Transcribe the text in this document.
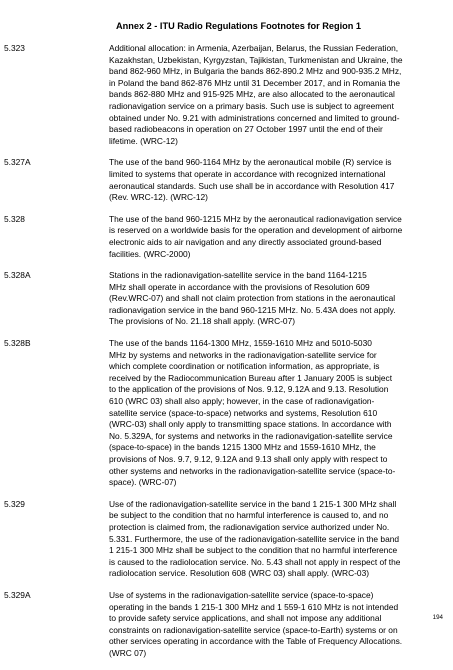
Annex 2 - ITU Radio Regulations Footnotes for Region 1
5.323	Additional allocation: in Armenia, Azerbaijan, Belarus, the Russian Federation,
Kazakhstan, Uzbekistan, Kyrgyzstan, Tajikistan, Turkmenistan and Ukraine, the
band 862-960 MHz, in Bulgaria the bands 862-890.2 MHz and 900-935.2 MHz,
in Poland the band 862-876 MHz until 31 December 2017, and in Romania the
bands 862-880 MHz and 915-925 MHz, are also allocated to the aeronautical
radionavigation service on a primary basis. Such use is subject to agreement
obtained under No. 9.21 with administrations concerned and limited to ground-
based radiobeacons in operation on 27 October 1997 until the end of their
lifetime. (WRC-12)
5.327A	The use of the band 960-1164 MHz by the aeronautical mobile (R) service is
limited to systems that operate in accordance with recognized international
aeronautical standards. Such use shall be in accordance with Resolution 417
(Rev. WRC-12). (WRC-12)
5.328	The use of the band 960-1215 MHz by the aeronautical radionavigation service
is reserved on a worldwide basis for the operation and development of airborne
electronic aids to air navigation and any directly associated ground-based
facilities. (WRC-2000)
5.328A	Stations in the radionavigation-satellite service in the band 1164-1215
MHz shall operate in accordance with the provisions of Resolution 609
(Rev.WRC-07) and shall not claim protection from stations in the aeronautical
radionavigation service in the band 960-1215 MHz. No. 5.43A does not apply.
The provisions of No. 21.18 shall apply. (WRC-07)
5.328B	The use of the bands 1164-1300 MHz, 1559-1610 MHz and 5010-5030
MHz by systems and networks in the radionavigation-satellite service for
which complete coordination or notification information, as appropriate, is
received by the Radiocommunication Bureau after 1 January 2005 is subject
to the application of the provisions of Nos. 9.12, 9.12A and 9.13. Resolution
610 (WRC 03) shall also apply; however, in the case of radionavigation-
satellite service (space-to-space) networks and systems, Resolution 610
(WRC-03) shall only apply to transmitting space stations. In accordance with
No. 5.329A, for systems and networks in the radionavigation-satellite service
(space-to-space) in the bands 1215 1300 MHz and 1559-1610 MHz, the
provisions of Nos. 9.7, 9.12, 9.12A and 9.13 shall only apply with respect to
other systems and networks in the radionavigation-satellite service (space-to-
space). (WRC-07)
5.329	Use of the radionavigation-satellite service in the band 1 215-1 300 MHz shall
be subject to the condition that no harmful interference is caused to, and no
protection is claimed from, the radionavigation service authorized under No.
5.331. Furthermore, the use of the radionavigation-satellite service in the band
1 215-1 300 MHz shall be subject to the condition that no harmful interference
is caused to the radiolocation service. No. 5.43 shall not apply in respect of the
radiolocation service. Resolution 608 (WRC 03) shall apply. (WRC-03)
5.329A	Use of systems in the radionavigation-satellite service (space-to-space)
operating in the bands 1 215-1 300 MHz and 1 559-1 610 MHz is not intended
to provide safety service applications, and shall not impose any additional
constraints on radionavigation-satellite service (space-to-Earth) systems or on
other services operating in accordance with the Table of Frequency Allocations.
(WRC 07)
194
